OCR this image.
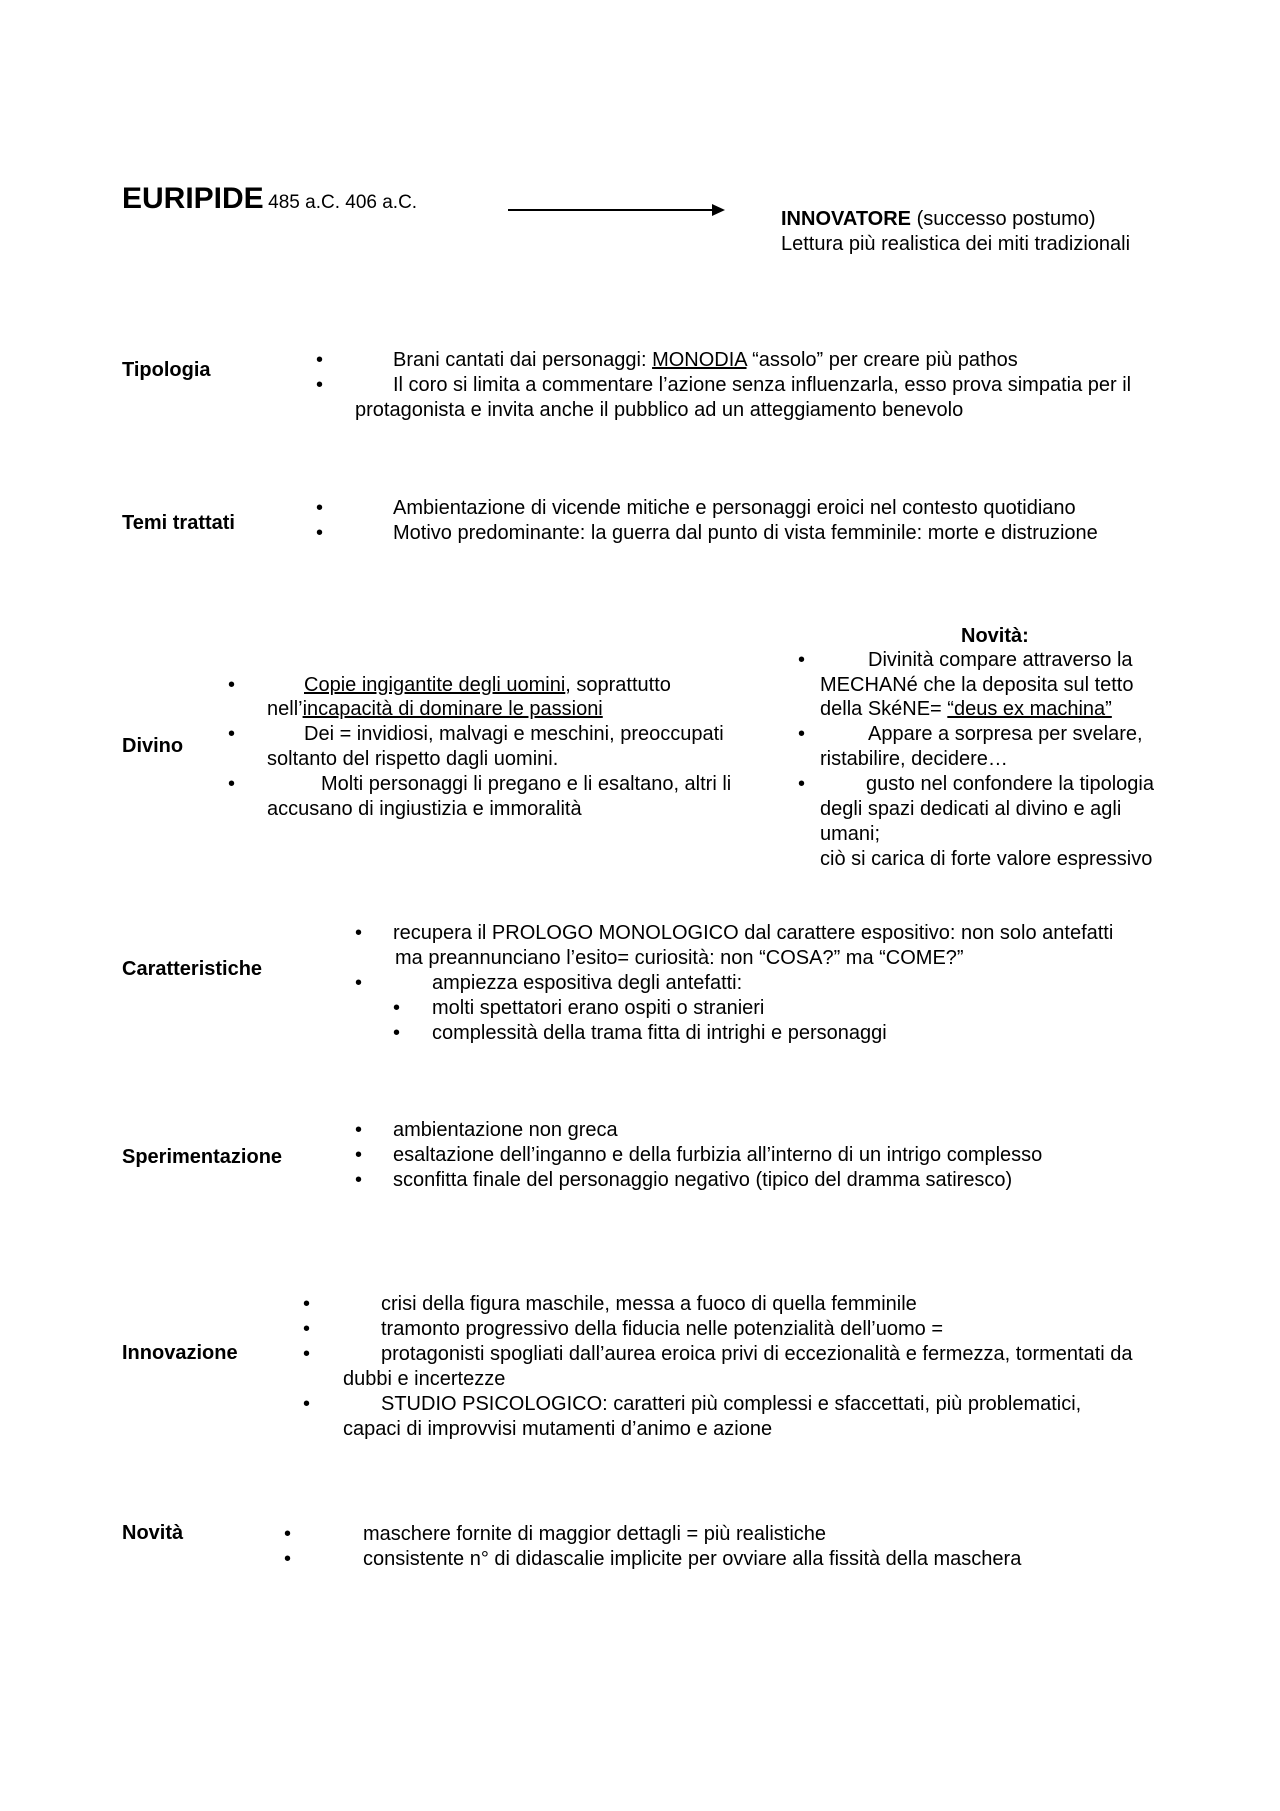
EURIPIDE 485 a.C. 406 a.C.
INNOVATORE (successo postumo)
Lettura più realistica dei miti tradizionali
Tipologia	•	Brani cantati dai personaggi: MONODIA “assolo” per creare più pathos
•	Il coro si limita a commentare l’azione senza influenzarla, esso prova simpatia per il
protagonista e invita anche il pubblico ad un atteggiamento benevolo
Temi trattati
•	Ambientazione di vicende mitiche e personaggi eroici nel contesto quotidiano
•	Motivo predominante: la guerra dal punto di vista femminile: morte e distruzione
Divino
•	Copie ingigantite degli uomini, soprattutto
nell’incapacità di dominare le passioni
•	Dei = invidiosi, malvagi e meschini, preoccupati
soltanto del rispetto dagli uomini.
•	Molti personaggi li pregano e li esaltano, altri li
accusano di ingiustizia e immoralità
Novità:
•	Divinità compare attraverso la
MECHANé che la deposita sul tetto
della SkéNE= “deus ex machina”
•	Appare a sorpresa per svelare,
ristabilire, decidere…
•	gusto nel confondere la tipologia
degli spazi dedicati al divino e agli
umani;
ciò si carica di forte valore espressivo
Caratteristiche
• recupera il PROLOGO MONOLOGICO dal carattere espositivo: non solo antefatti
ma preannunciano l’esito= curiosità: non “COSA?” ma “COME?”
•	ampiezza espositiva degli antefatti:
• molti spettatori erano ospiti o stranieri
• complessità della trama fitta di intrighi e personaggi
Sperimentazione
• ambientazione non greca
• esaltazione dell’inganno e della furbizia all’interno di un intrigo complesso
• sconfitta finale del personaggio negativo (tipico del dramma satiresco)
Innovazione
•	crisi della figura maschile, messa a fuoco di quella femminile
•	tramonto progressivo della fiducia nelle potenzialità dell’uomo =
•	protagonisti spogliati dall’aurea eroica privi di eccezionalità e fermezza, tormentati da
dubbi e incertezze
•	STUDIO PSICOLOGICO: caratteri più complessi e sfaccettati, più problematici,
capaci di improvvisi mutamenti d’animo e azione
Novità	•	maschere fornite di maggior dettagli = più realistiche
•	consistente n° di didascalie implicite per ovviare alla fissità della maschera
